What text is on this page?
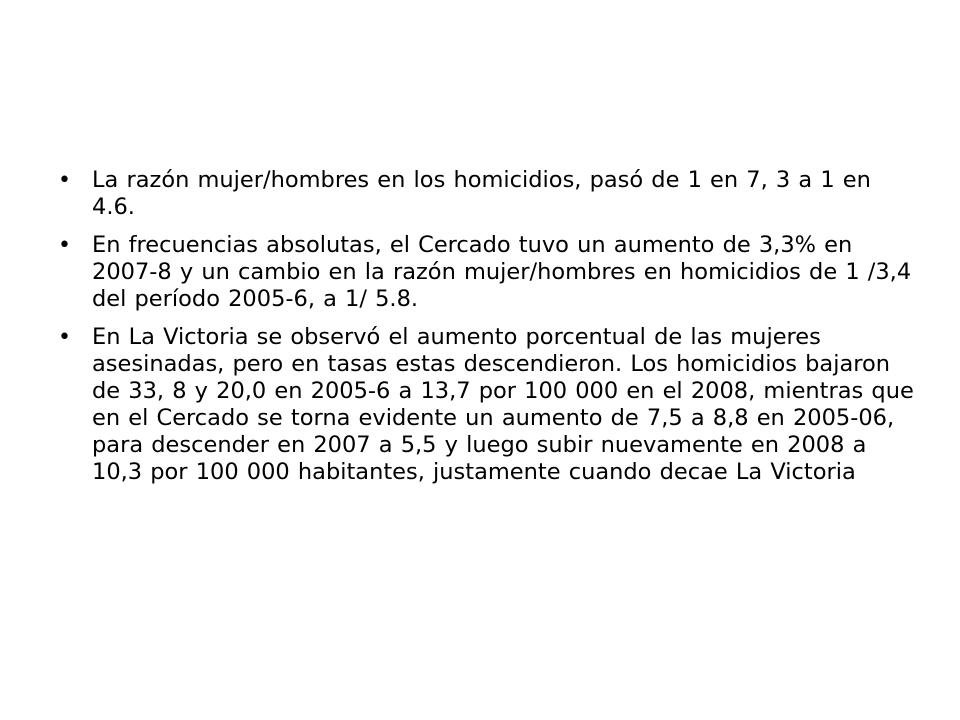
• La razón mujer/hombres en los homicidios, pasó de 1 en 7, 3 a 1 en 4.6.
• En frecuencias absolutas, el Cercado tuvo un aumento de 3,3% en 2007-8 y un cambio en la razón mujer/hombres en homicidios de 1 /3,4 del período 2005-6, a 1/ 5.8.
• En La Victoria se observó el aumento porcentual de las mujeres asesinadas, pero en tasas estas descendieron. Los homicidios bajaron de 33, 8 y 20,0 en 2005-6 a 13,7 por 100 000 en el 2008, mientras que en el Cercado se torna evidente un aumento de 7,5 a 8,8 en 2005-06, para descender en 2007 a 5,5 y luego subir nuevamente en 2008 a 10,3 por 100 000 habitantes, justamente cuando decae La Victoria
